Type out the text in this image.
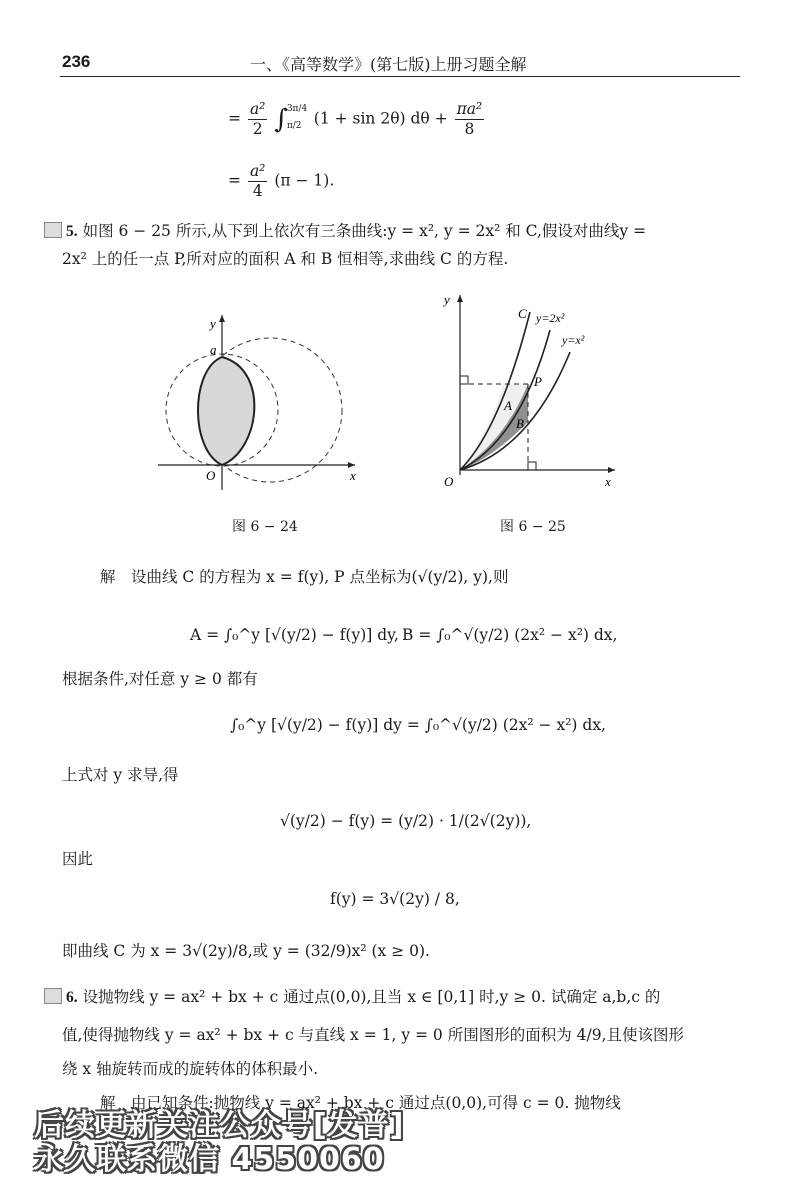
236	一、《高等数学》(第七版)上册习题全解
= $\frac{\text{a²}}{2}$ ∫
3π/4
π/2 (1 + sin 2θ) $d\theta + \frac{\text{πa²}}{8}$
= $\frac{\text{a²}}{4} (\pi - 1)$.
5. 如图 6 − 25 所示,从下到上依次有三条曲线:y = x², y = 2x² 和 C,假设对曲线y =
2x² 上的任一点 P,所对应的面积 A 和 B 恒相等,求曲线 C 的方程.
y
a
O	x
图 6 − 24
y
C y=2x²
y=x²
P
A
B
O	x
图 6 − 25
解　设曲线 C 的方程为 x = f(y), P 点坐标为(√(y/2), y),则
A = ∫₀^y [√(y/2) − f(y)] dy, B = ∫₀^√(y/2) (2x² − x²) dx,
根据条件,对任意 y ≥ 0 都有
∫₀^y [√(y/2) − f(y)] dy = ∫₀^√(y/2) (2x² − x²) dx,
上式对 y 求导,得
√(y/2) − f(y) = (y/2) · 1/(2√(2y)),
因此
f(y) = 3√(2y) / 8,
即曲线 C 为 x = 3√(2y)/8,或 y = (32/9)x² (x ≥ 0).
6. 设抛物线 y = ax² + bx + c 通过点(0,0),且当 x ∈ [0,1] 时,y ≥ 0. 试确定 a,b,c 的
值,使得抛物线 y = ax² + bx + c 与直线 x = 1, y = 0 所围图形的面积为 4/9,且使该图形
绕 x 轴旋转而成的旋转体的体积最小.
解　由已知条件:抛物线 y = ax² + bx + c 通过点(0,0),可得 c = 0. 抛物线
后续更新关注公众号[发普]
永久联系微信 4550060
